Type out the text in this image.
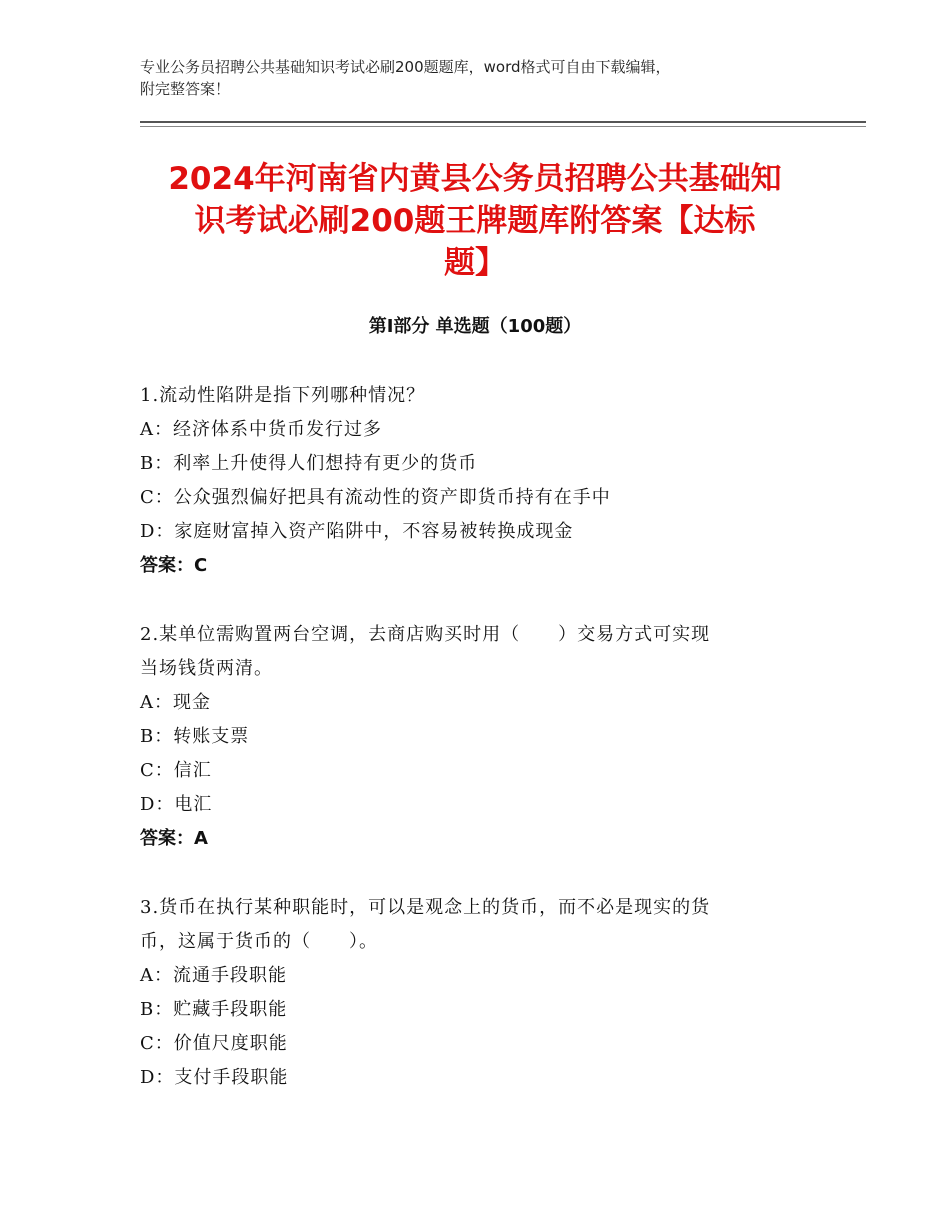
专业公务员招聘公共基础知识考试必刷200题题库，word格式可自由下载编辑，
附完整答案！
2024年河南省内黄县公务员招聘公共基础知
识考试必刷200题王牌题库附答案【达标
题】
第Ⅰ部分 单选题（100题）
1.流动性陷阱是指下列哪种情况？
A：经济体系中货币发行过多
B：利率上升使得人们想持有更少的货币
C：公众强烈偏好把具有流动性的资产即货币持有在手中
D：家庭财富掉入资产陷阱中，不容易被转换成现金
答案：C
2.某单位需购置两台空调，去商店购买时用（　　）交易方式可实现
当场钱货两清。
A：现金
B：转账支票
C：信汇
D：电汇
答案：A
3.货币在执行某种职能时，可以是观念上的货币，而不必是现实的货
币，这属于货币的（　　）。
A：流通手段职能
B：贮藏手段职能
C：价值尺度职能
D：支付手段职能
